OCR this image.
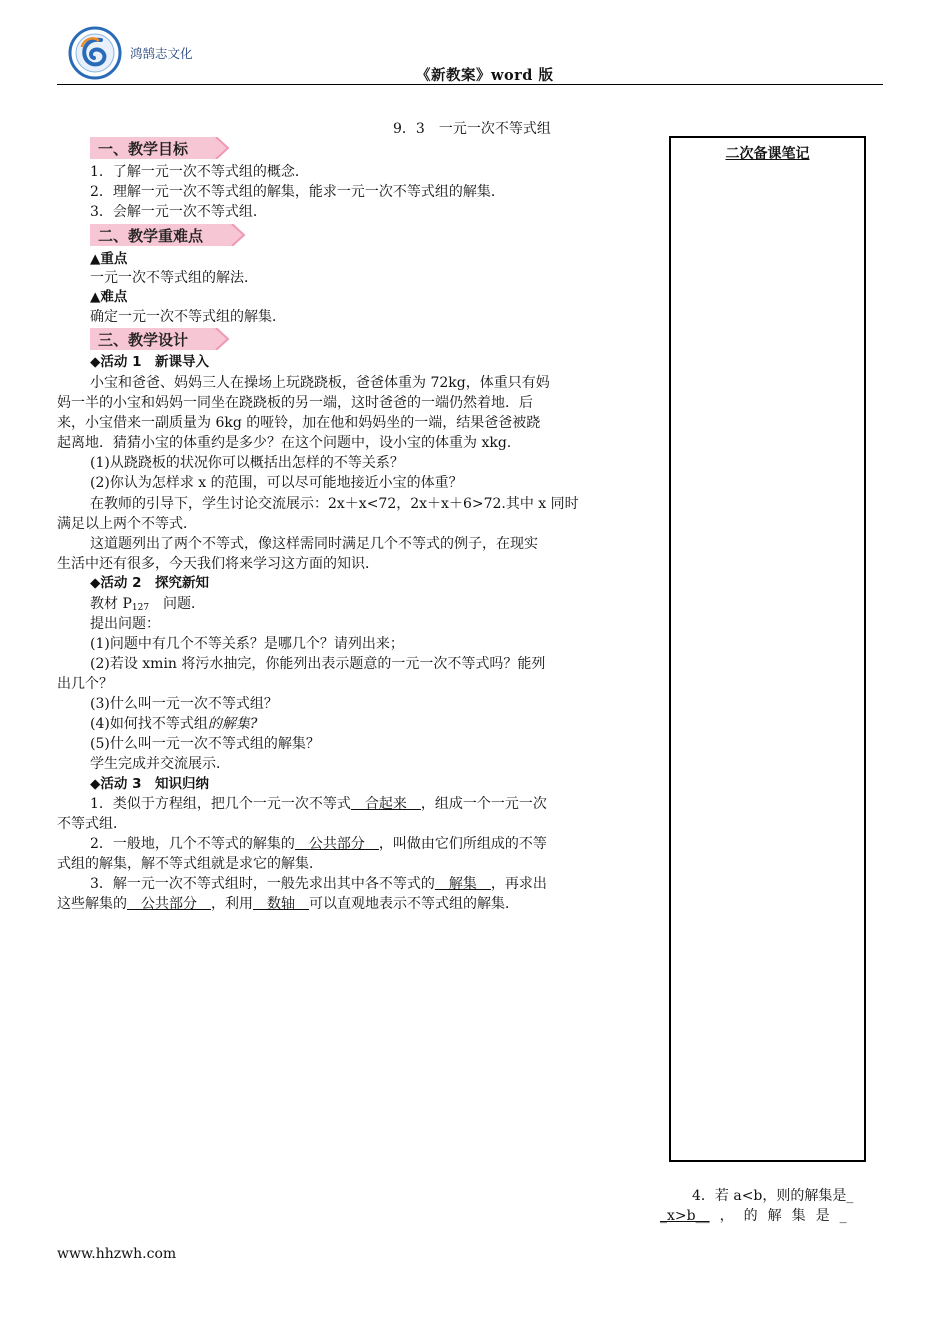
鸿鹄志文化
《新教案》word 版
9．3　一元一次不等式组
二次备课笔记
一、教学目标
1．了解一元一次不等式组的概念．
2．理解一元一次不等式组的解集，能求一元一次不等式组的解集．
3．会解一元一次不等式组．
二、教学重难点
▲重点
一元一次不等式组的解法．
▲难点
确定一元一次不等式组的解集．
三、教学设计
◆活动 1　新课导入
小宝和爸爸、妈妈三人在操场上玩跷跷板，爸爸体重为 72kg，体重只有妈
妈一半的小宝和妈妈一同坐在跷跷板的另一端，这时爸爸的一端仍然着地．后
来，小宝借来一副质量为 6kg 的哑铃，加在他和妈妈坐的一端，结果爸爸被跷
起离地．猜猜小宝的体重约是多少？在这个问题中，设小宝的体重为 xkg.
(1)从跷跷板的状况你可以概括出怎样的不等关系？
(2)你认为怎样求 x 的范围，可以尽可能地接近小宝的体重？
在教师的引导下，学生讨论交流展示：2x＋x<72，2x＋x＋6>72.其中 x 同时
满足以上两个不等式．
这道题列出了两个不等式，像这样需同时满足几个不等式的例子，在现实
生活中还有很多，今天我们将来学习这方面的知识．
◆活动 2　探究新知
教材 $P_{127}$　问题．
提出问题：
(1)问题中有几个不等关系？是哪几个？请列出来；
(2)若设 xmin 将污水抽完，你能列出表示题意的一元一次不等式吗？能列
出几个？
(3)什么叫一元一次不等式组？
(4)如何找不等式组的解集?
(5)什么叫一元一次不等式组的解集？
学生完成并交流展示．
◆活动 3　知识归纳
1．类似于方程组，把几个一元一次不等式　合起来　，组成一个一元一次
不等式组．
2．一般地，几个不等式的解集的　公共部分　，叫做由它们所组成的不等
式组的解集，解不等式组就是求它的解集．
3．解一元一次不等式组时，一般先求出其中各不等式的　解集　，再求出
这些解集的　公共部分　，利用　数轴　可以直观地表示不等式组的解集．
4．若 a<b，则的解集是_
_x>b__ ，的解集是_
www.hhzwh.com
